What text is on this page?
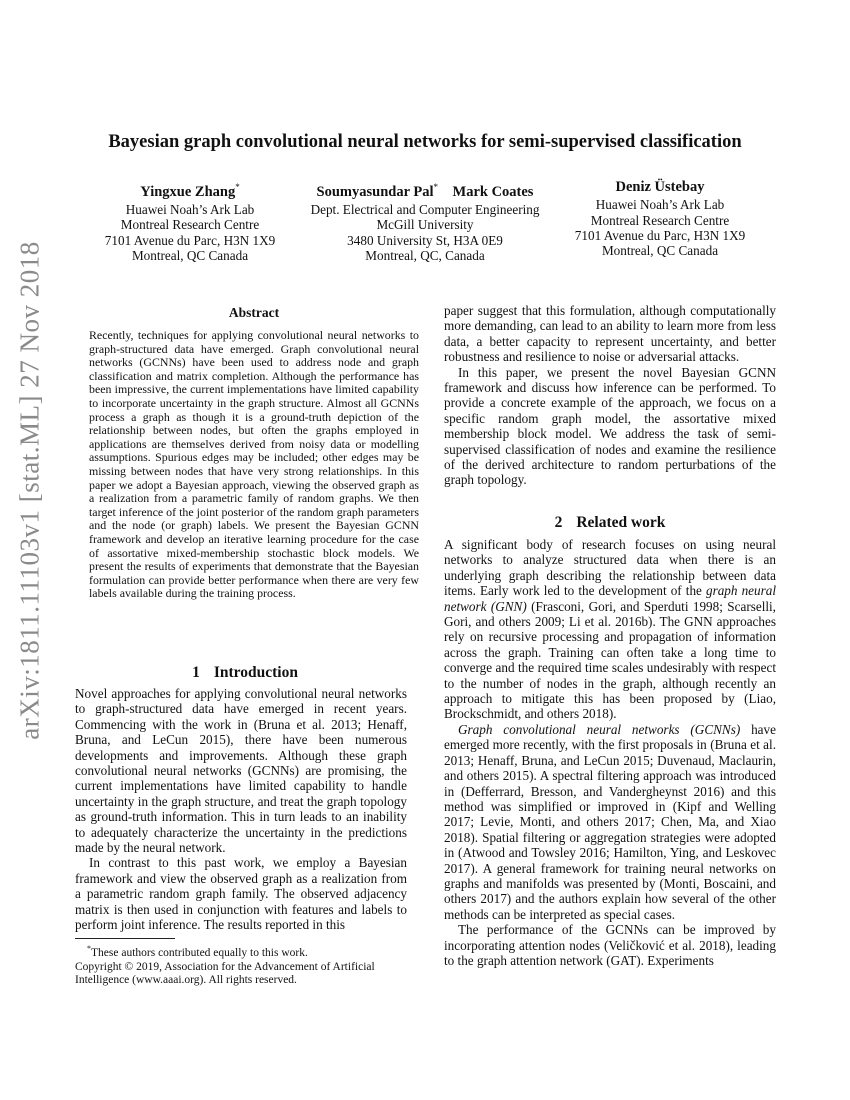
arXiv:1811.11103v1 [stat.ML] 27 Nov 2018
Bayesian graph convolutional neural networks for semi-supervised classification
Yingxue Zhang*
Huawei Noah’s Ark Lab
Montreal Research Centre
7101 Avenue du Parc, H3N 1X9
Montreal, QC Canada
Soumyasundar Pal* Mark Coates
Dept. Electrical and Computer Engineering
McGill University
3480 University St, H3A 0E9
Montreal, QC, Canada
Deniz Üstebay
Huawei Noah’s Ark Lab
Montreal Research Centre
7101 Avenue du Parc, H3N 1X9
Montreal, QC Canada
Abstract
Recently, techniques for applying convolutional neural networks to graph-structured data have emerged. Graph convolutional neural networks (GCNNs) have been used to address node and graph classification and matrix completion. Although the performance has been impressive, the current implementations have limited capability to incorporate uncertainty in the graph structure. Almost all GCNNs process a graph as though it is a ground-truth depiction of the relationship between nodes, but often the graphs employed in applications are themselves derived from noisy data or modelling assumptions. Spurious edges may be included; other edges may be missing between nodes that have very strong relationships. In this paper we adopt a Bayesian approach, viewing the observed graph as a realization from a parametric family of random graphs. We then target inference of the joint posterior of the random graph parameters and the node (or graph) labels. We present the Bayesian GCNN framework and develop an iterative learning procedure for the case of assortative mixed-membership stochastic block models. We present the results of experiments that demonstrate that the Bayesian formulation can provide better performance when there are very few labels available during the training process.
1 Introduction

Novel approaches for applying convolutional neural networks to graph-structured data have emerged in recent years. Commencing with the work in (Bruna et al. 2013; Henaff, Bruna, and LeCun 2015), there have been numerous developments and improvements. Although these graph convolutional neural networks (GCNNs) are promising, the current implementations have limited capability to handle uncertainty in the graph structure, and treat the graph topology as ground-truth information. This in turn leads to an inability to adequately characterize the uncertainty in the predictions made by the neural network.

In contrast to this past work, we employ a Bayesian framework and view the observed graph as a realization from a parametric random graph family. The observed adjacency matrix is then used in conjunction with features and labels to perform joint inference. The results reported in this

*These authors contributed equally to this work.

Copyright © 2019, Association for the Advancement of Artificial Intelligence (www.aaai.org). All rights reserved.

paper suggest that this formulation, although computationally more demanding, can lead to an ability to learn more from less data, a better capacity to represent uncertainty, and better robustness and resilience to noise or adversarial attacks.

In this paper, we present the novel Bayesian GCNN framework and discuss how inference can be performed. To provide a concrete example of the approach, we focus on a specific random graph model, the assortative mixed membership block model. We address the task of semi-supervised classification of nodes and examine the resilience of the derived architecture to random perturbations of the graph topology.

2 Related work

A significant body of research focuses on using neural networks to analyze structured data when there is an underlying graph describing the relationship between data items. Early work led to the development of the graph neural network (GNN) (Frasconi, Gori, and Sperduti 1998; Scarselli, Gori, and others 2009; Li et al. 2016b). The GNN approaches rely on recursive processing and propagation of information across the graph. Training can often take a long time to converge and the required time scales undesirably with respect to the number of nodes in the graph, although recently an approach to mitigate this has been proposed by (Liao, Brockschmidt, and others 2018).

Graph convolutional neural networks (GCNNs) have emerged more recently, with the first proposals in (Bruna et al. 2013; Henaff, Bruna, and LeCun 2015; Duvenaud, Maclaurin, and others 2015). A spectral filtering approach was introduced in (Defferrard, Bresson, and Vandergheynst 2016) and this method was simplified or improved in (Kipf and Welling 2017; Levie, Monti, and others 2017; Chen, Ma, and Xiao 2018). Spatial filtering or aggregation strategies were adopted in (Atwood and Towsley 2016; Hamilton, Ying, and Leskovec 2017). A general framework for training neural networks on graphs and manifolds was presented by (Monti, Boscaini, and others 2017) and the authors explain how several of the other methods can be interpreted as special cases.

The performance of the GCNNs can be improved by incorporating attention nodes (Veličković et al. 2018), leading to the graph attention network (GAT). Experiments
